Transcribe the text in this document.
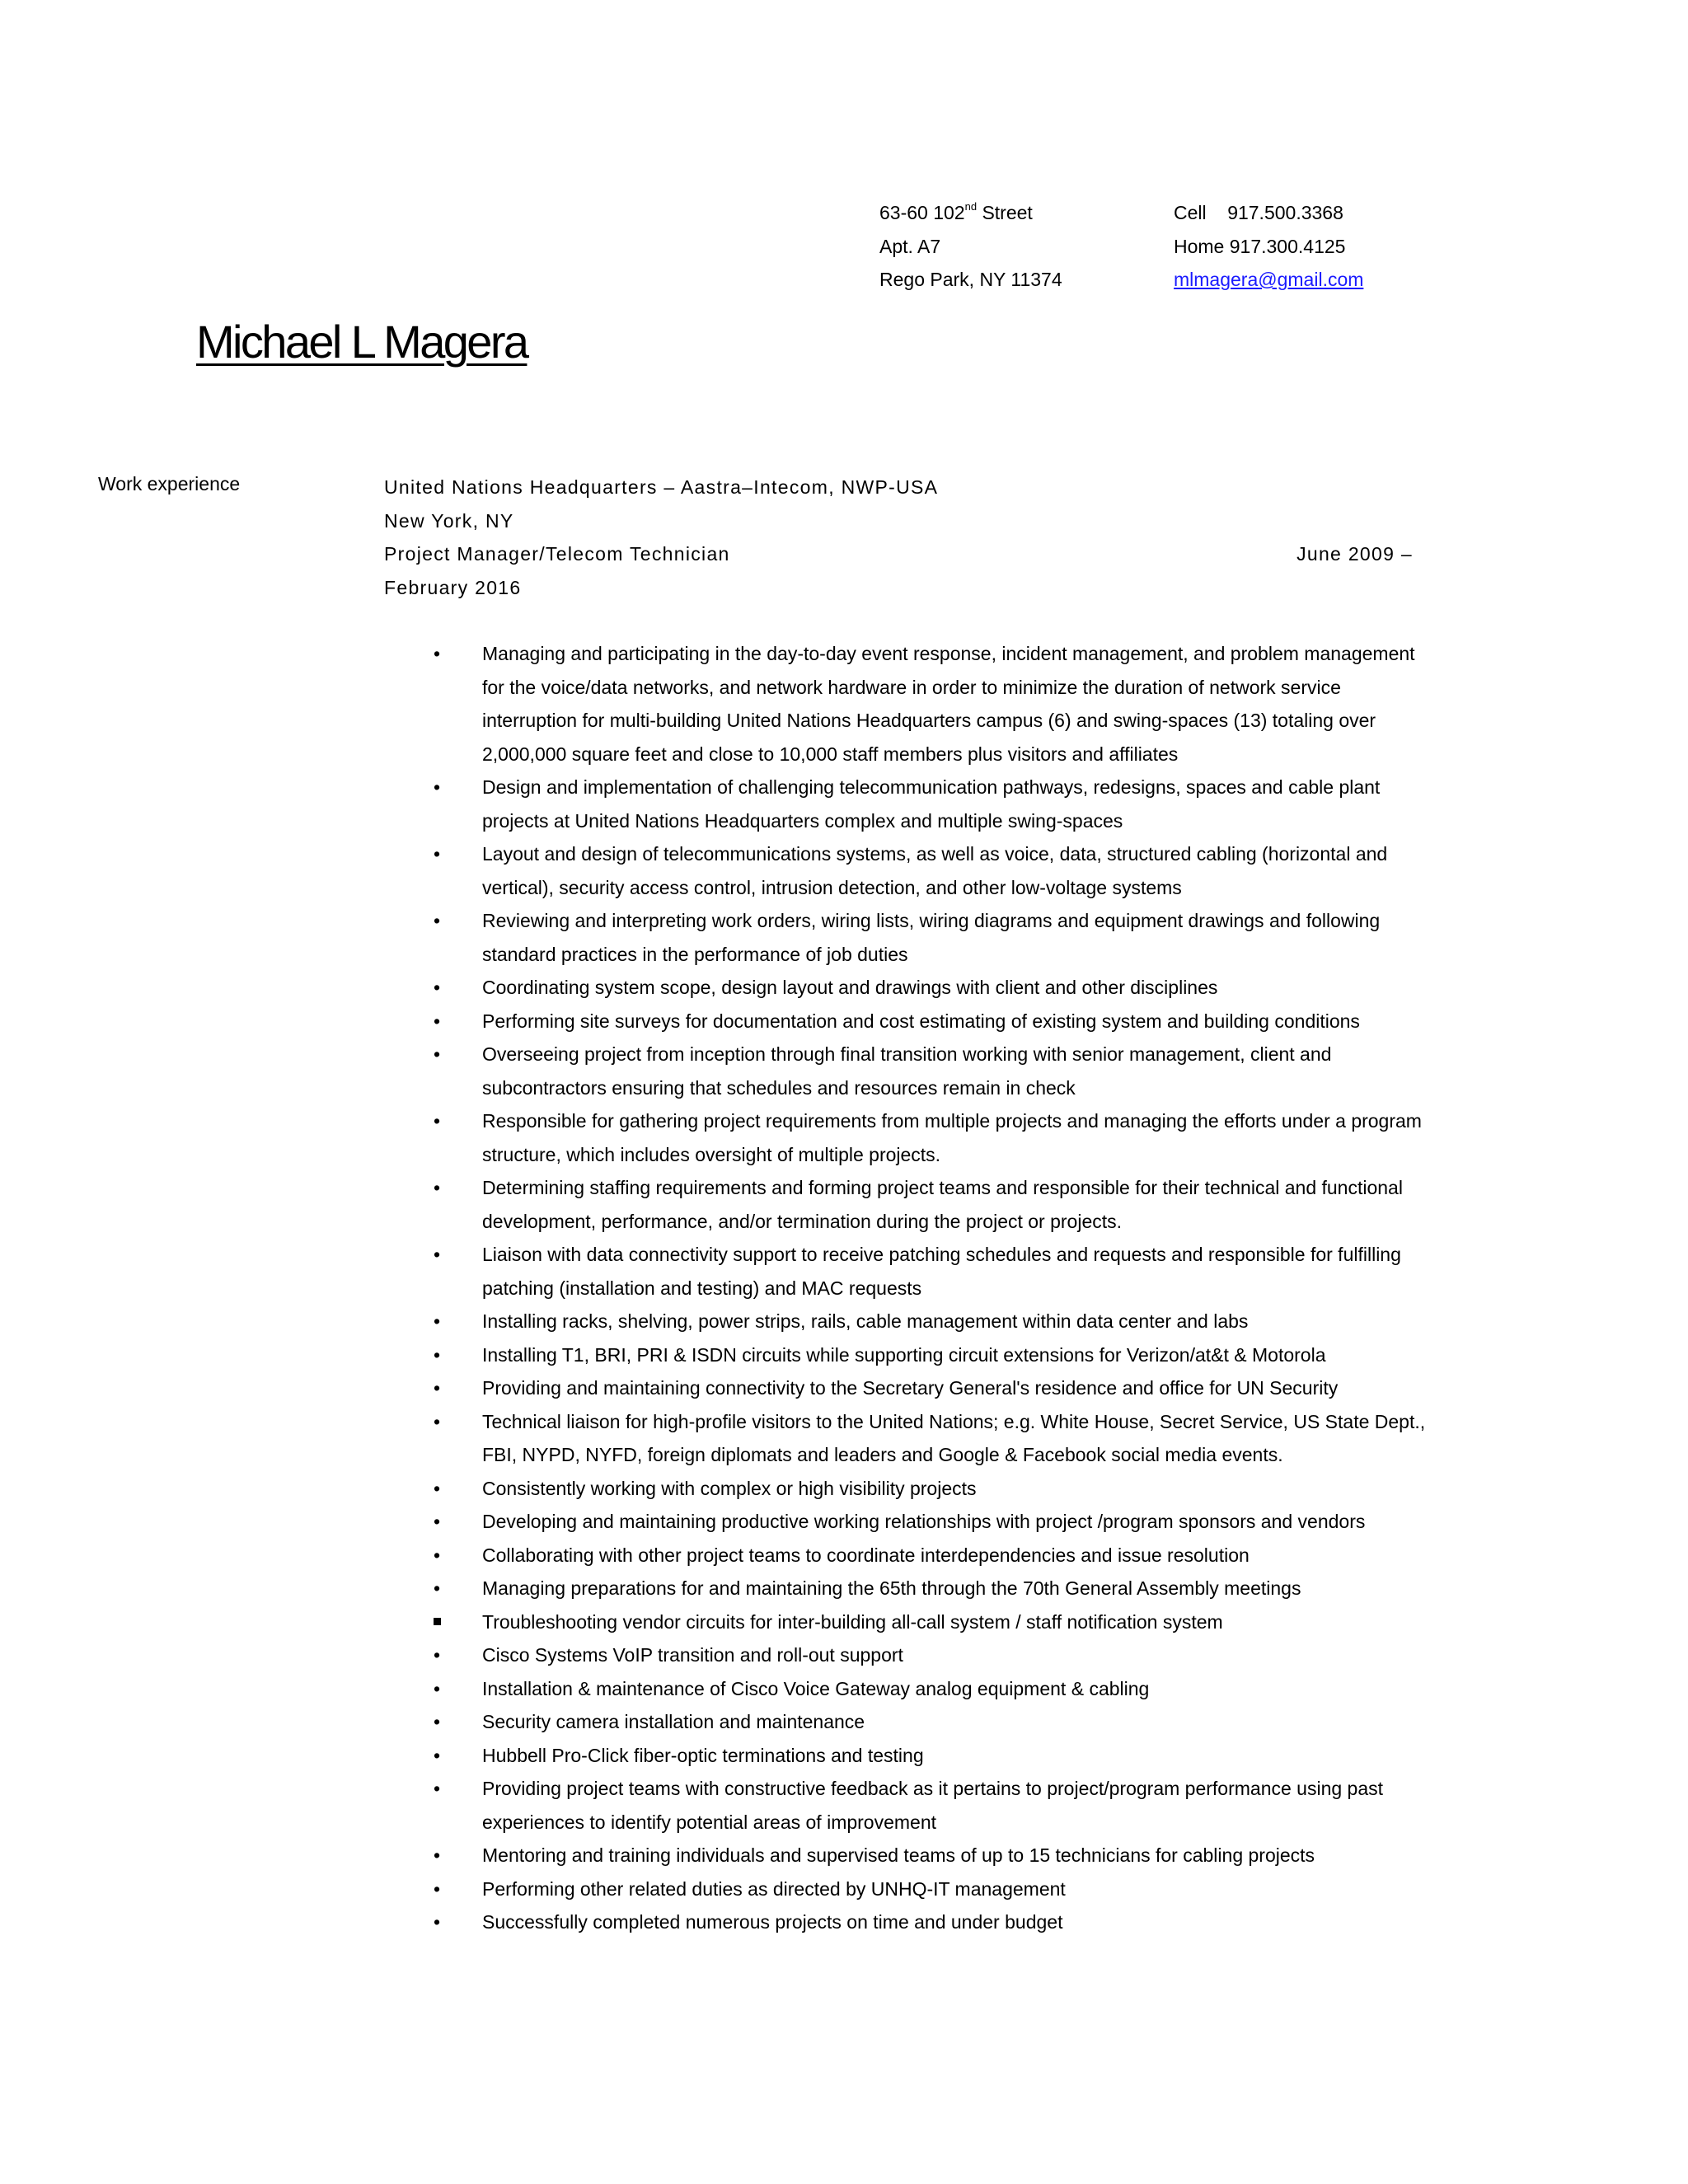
63-60 102nd Street
Apt. A7
Rego Park, NY 11374
Cell 917.500.3368
Home 917.300.4125
mlmagera@gmail.com
Michael L Magera
Work experience	United Nations Headquarters – Aastra–Intecom, NWP-USA
New York, NY
Project Manager/Telecom Technician	June 2009 –
February 2016
• Managing and participating in the day-to-day event response, incident management, and problem management for the voice/data networks, and network hardware in order to minimize the duration of network service interruption for multi-building United Nations Headquarters campus (6) and swing-spaces (13) totaling over 2,000,000 square feet and close to 10,000 staff members plus visitors and affiliates
• Design and implementation of challenging telecommunication pathways, redesigns, spaces and cable plant projects at United Nations Headquarters complex and multiple swing-spaces
• Layout and design of telecommunications systems, as well as voice, data, structured cabling (horizontal and vertical), security access control, intrusion detection, and other low-voltage systems
• Reviewing and interpreting work orders, wiring lists, wiring diagrams and equipment drawings and following standard practices in the performance of job duties
• Coordinating system scope, design layout and drawings with client and other disciplines
• Performing site surveys for documentation and cost estimating of existing system and building conditions
• Overseeing project from inception through final transition working with senior management, client and subcontractors ensuring that schedules and resources remain in check
• Responsible for gathering project requirements from multiple projects and managing the efforts under a program structure, which includes oversight of multiple projects.
• Determining staffing requirements and forming project teams and responsible for their technical and functional development, performance, and/or termination during the project or projects.
• Liaison with data connectivity support to receive patching schedules and requests and responsible for fulfilling patching (installation and testing) and MAC requests
• Installing racks, shelving, power strips, rails, cable management within data center and labs
• Installing T1, BRI, PRI & ISDN circuits while supporting circuit extensions for Verizon/at&t & Motorola
• Providing and maintaining connectivity to the Secretary General's residence and office for UN Security
• Technical liaison for high-profile visitors to the United Nations; e.g. White House, Secret Service, US State Dept., FBI, NYPD, NYFD, foreign diplomats and leaders and Google & Facebook social media events.
• Consistently working with complex or high visibility projects
• Developing and maintaining productive working relationships with project /program sponsors and vendors
• Collaborating with other project teams to coordinate interdependencies and issue resolution
• Managing preparations for and maintaining the 65th through the 70th General Assembly meetings
Troubleshooting vendor circuits for inter-building all-call system / staff notification system
• Cisco Systems VoIP transition and roll-out support
• Installation & maintenance of Cisco Voice Gateway analog equipment & cabling
• Security camera installation and maintenance
• Hubbell Pro-Click fiber-optic terminations and testing
• Providing project teams with constructive feedback as it pertains to project/program performance using past experiences to identify potential areas of improvement
• Mentoring and training individuals and supervised teams of up to 15 technicians for cabling projects
• Performing other related duties as directed by UNHQ-IT management
• Successfully completed numerous projects on time and under budget
